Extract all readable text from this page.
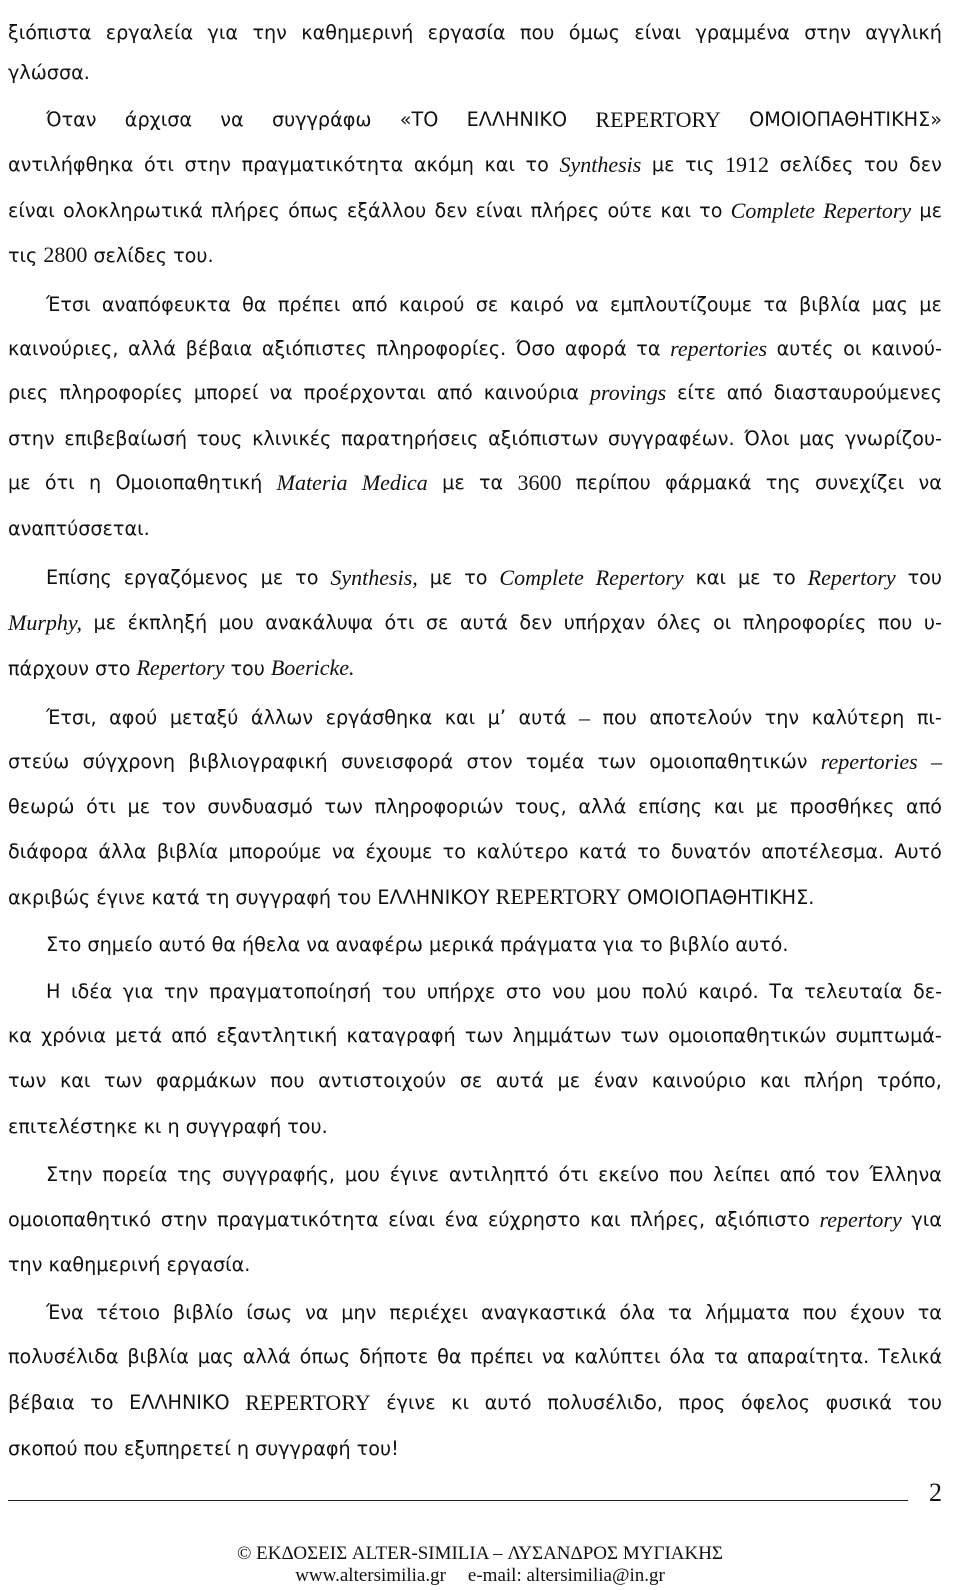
ξιόπιστα εργαλεία για την καθημερινή εργασία που όμως είναι γραμμένα στην αγγλική
γλώσσα.
Όταν άρχισα να συγγράφω «ΤΟ ΕΛΛΗΝΙΚΟ REPERTORY ΟΜΟΙΟΠΑΘΗΤΙΚΗΣ»
αντιλήφθηκα ότι στην πραγματικότητα ακόμη και το Synthesis με τις 1912 σελίδες του δεν
είναι ολοκληρωτικά πλήρες όπως εξάλλου δεν είναι πλήρες ούτε και το Complete Repertory με
τις 2800 σελίδες του.
Έτσι αναπόφευκτα θα πρέπει από καιρού σε καιρό να εμπλουτίζουμε τα βιβλία μας με
καινούριες, αλλά βέβαια αξιόπιστες πληροφορίες. Όσο αφορά τα repertories αυτές οι καινού-
ριες πληροφορίες μπορεί να προέρχονται από καινούρια provings είτε από διασταυρούμενες
στην επιβεβαίωσή τους κλινικές παρατηρήσεις αξιόπιστων συγγραφέων. Όλοι μας γνωρίζου-
με ότι η Ομοιοπαθητική Materia Medica με τα 3600 περίπου φάρμακά της συνεχίζει να
αναπτύσσεται.
Επίσης εργαζόμενος με το Synthesis, με το Complete Repertory και με το Repertory του
Murphy, με έκπληξή μου ανακάλυψα ότι σε αυτά δεν υπήρχαν όλες οι πληροφορίες που υ-
πάρχουν στο Repertory του Boericke.
Έτσι, αφού μεταξύ άλλων εργάσθηκα και μ’ αυτά – που αποτελούν την καλύτερη πι-
στεύω σύγχρονη βιβλιογραφική συνεισφορά στον τομέα των ομοιοπαθητικών repertories –
θεωρώ ότι με τον συνδυασμό των πληροφοριών τους, αλλά επίσης και με προσθήκες από
διάφορα άλλα βιβλία μπορούμε να έχουμε το καλύτερο κατά το δυνατόν αποτέλεσμα. Αυτό
ακριβώς έγινε κατά τη συγγραφή του ΕΛΛΗΝΙΚΟΥ REPERTORY ΟΜΟΙΟΠΑΘΗΤΙΚΗΣ.
Στο σημείο αυτό θα ήθελα να αναφέρω μερικά πράγματα για το βιβλίο αυτό.
Η ιδέα για την πραγματοποίησή του υπήρχε στο νου μου πολύ καιρό. Τα τελευταία δε-
κα χρόνια μετά από εξαντλητική καταγραφή των λημμάτων των ομοιοπαθητικών συμπτωμά-
των και των φαρμάκων που αντιστοιχούν σε αυτά με έναν καινούριο και πλήρη τρόπο,
επιτελέστηκε κι η συγγραφή του.
Στην πορεία της συγγραφής, μου έγινε αντιληπτό ότι εκείνο που λείπει από τον Έλληνα
ομοιοπαθητικό στην πραγματικότητα είναι ένα εύχρηστο και πλήρες, αξιόπιστο repertory για
την καθημερινή εργασία.
Ένα τέτοιο βιβλίο ίσως να μην περιέχει αναγκαστικά όλα τα λήμματα που έχουν τα
πολυσέλιδα βιβλία μας αλλά όπως δήποτε θα πρέπει να καλύπτει όλα τα απαραίτητα. Τελικά
βέβαια το ΕΛΛΗΝΙΚΟ REPERTORY έγινε κι αυτό πολυσέλιδο, προς όφελος φυσικά του
σκοπού που εξυπηρετεί η συγγραφή του!
2
© ΕΚΔΟΣΕΙΣ ALTER-SIMILIA – ΛΥΣΑΝΔΡΟΣ ΜΥΓΙΑΚΗΣ
www.altersimilia.gr e-mail: altersimilia@in.gr
